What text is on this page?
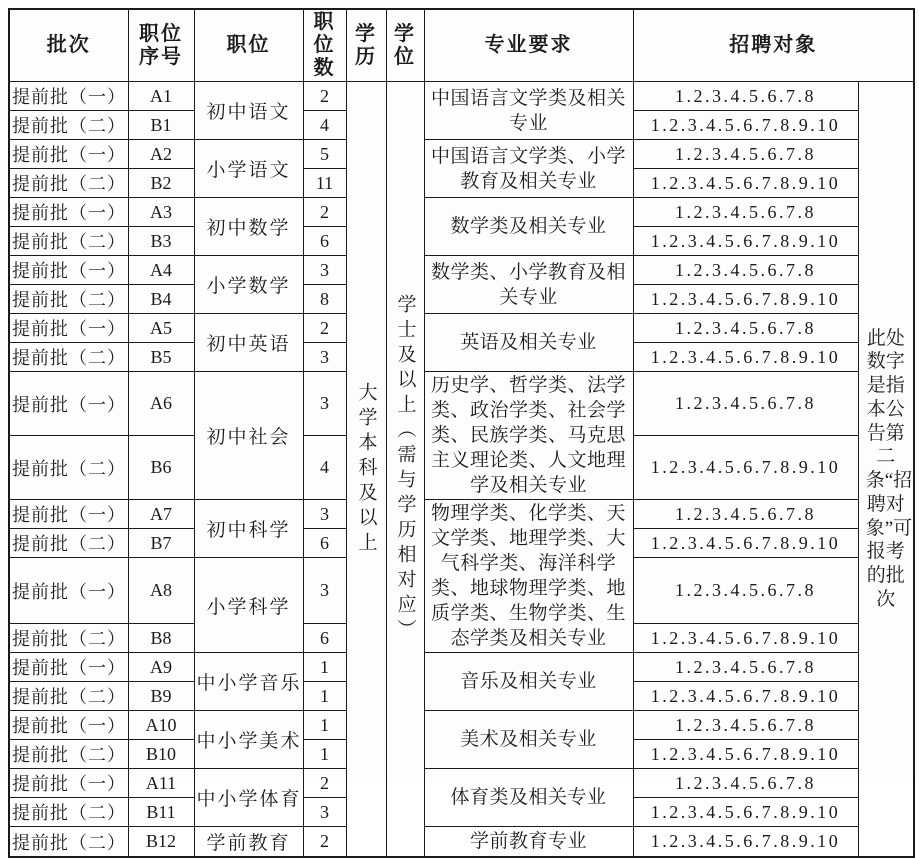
批次	职位序号	职位	职位数	学历	学位	专业要求	招聘对象	
提前批（一）	A1	初中语文	2	大学本科及以上	学士及以上（需与学历相对应）	中国语言文学类及相关专业	1.2.3.4.5.6.7.8	此处数字是指本公告第二条“招聘对象”可报考的批次

提前批（二）	B1		4				1.2.3.4.5.6.7.8.9.10	
提前批（一）	A2	小学语文	5			中国语言文学类、小学教育及相关专业	1.2.3.4.5.6.7.8	
提前批（二）	B2		11				1.2.3.4.5.6.7.8.9.10	
提前批（一）	A3	初中数学	2			数学类及相关专业	1.2.3.4.5.6.7.8	
提前批（二）	B3		6				1.2.3.4.5.6.7.8.9.10	
提前批（一）	A4	小学数学	3			数学类、小学教育及相关专业	1.2.3.4.5.6.7.8	
提前批（二）	B4		8				1.2.3.4.5.6.7.8.9.10	
提前批（一）	A5	初中英语	2			英语及相关专业	1.2.3.4.5.6.7.8	
提前批（二）	B5		3				1.2.3.4.5.6.7.8.9.10	
提前批（一）	A6	初中社会	3			历史学、哲学类、法学类、政治学类、社会学类、民族学类、马克思主义理论类、人文地理学及相关专业	1.2.3.4.5.6.7.8	
提前批（二）	B6		4				1.2.3.4.5.6.7.8.9.10	
提前批（一）	A7	初中科学	3			物理学类、化学类、天文学类、地理学类、大气科学类、海洋科学类、地球物理学类、地质学类、生物学类、生态学类及相关专业	1.2.3.4.5.6.7.8	
提前批（二）	B7		6				1.2.3.4.5.6.7.8.9.10	
提前批（一）	A8	小学科学	3				1.2.3.4.5.6.7.8	
提前批（二）	B8		6				1.2.3.4.5.6.7.8.9.10	
提前批（一）	A9	中小学音乐	1			音乐及相关专业	1.2.3.4.5.6.7.8	
提前批（二）	B9		1				1.2.3.4.5.6.7.8.9.10	
提前批（一）	A10	中小学美术	1			美术及相关专业	1.2.3.4.5.6.7.8	
提前批（二）	B10		1				1.2.3.4.5.6.7.8.9.10	
提前批（一）	A11	中小学体育	2			体育类及相关专业	1.2.3.4.5.6.7.8	
提前批（二）	B11		3				1.2.3.4.5.6.7.8.9.10	
提前批（二）	B12	学前教育	2			学前教育专业	1.2.3.4.5.6.7.8.9.10	
